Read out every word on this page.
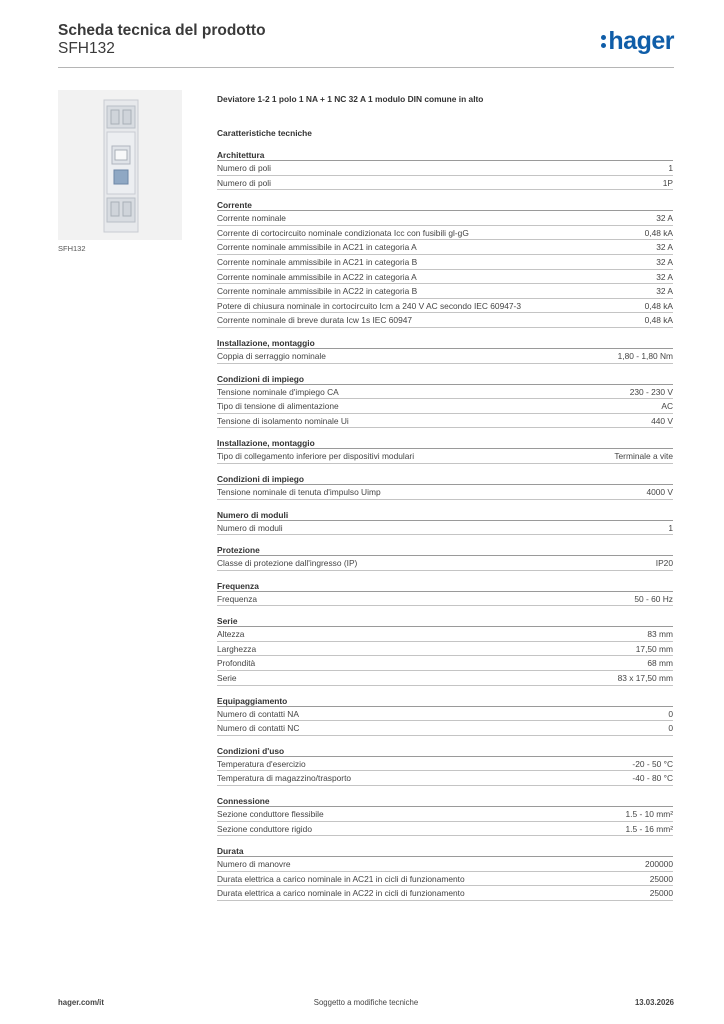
Scheda tecnica del prodotto
SFH132	hager
SFH132
Deviatore 1-2 1 polo 1 NA + 1 NC 32 A 1 modulo DIN comune in alto
Caratteristiche tecniche
Architettura
Numero di poli	1
Numero di poli	1P
Corrente
Corrente nominale	32 A
Corrente di cortocircuito nominale condizionata Icc con fusibili gl-gG	0,48 kA
Corrente nominale ammissibile in AC21 in categoria A	32 A
Corrente nominale ammissibile in AC21 in categoria B	32 A
Corrente nominale ammissibile in AC22 in categoria A	32 A
Corrente nominale ammissibile in AC22 in categoria B	32 A
Potere di chiusura nominale in cortocircuito Icm a 240 V AC secondo IEC 60947-3	0,48 kA
Corrente nominale di breve durata Icw 1s IEC 60947	0,48 kA
Installazione, montaggio
Coppia di serraggio nominale	1,80 - 1,80 Nm
Condizioni di impiego
Tensione nominale d'impiego CA	230 - 230 V
Tipo di tensione di alimentazione	AC
Tensione di isolamento nominale Ui	440 V
Installazione, montaggio
Tipo di collegamento inferiore per dispositivi modulari	Terminale a vite
Condizioni di impiego
Tensione nominale di tenuta d'impulso Uimp	4000 V
Numero di moduli
Numero di moduli	1
Protezione
Classe di protezione dall'ingresso (IP)	IP20
Frequenza
Frequenza	50 - 60 Hz
Serie
Altezza	83 mm
Larghezza	17,50 mm
Profondità	68 mm
Serie	83 x 17,50 mm
Equipaggiamento
Numero di contatti NA	0
Numero di contatti NC	0
Condizioni d'uso
Temperatura d'esercizio	-20 - 50 °C
Temperatura di magazzino/trasporto	-40 - 80 °C
Connessione
Sezione conduttore flessibile	1.5 - 10 mm²
Sezione conduttore rigido	1.5 - 16 mm²
Durata
Numero di manovre	200000
Durata elettrica a carico nominale in AC21 in cicli di funzionamento	25000
Durata elettrica a carico nominale in AC22 in cicli di funzionamento	25000
Soggetto a modifiche tecniche
hager.com/it	13.03.2026
